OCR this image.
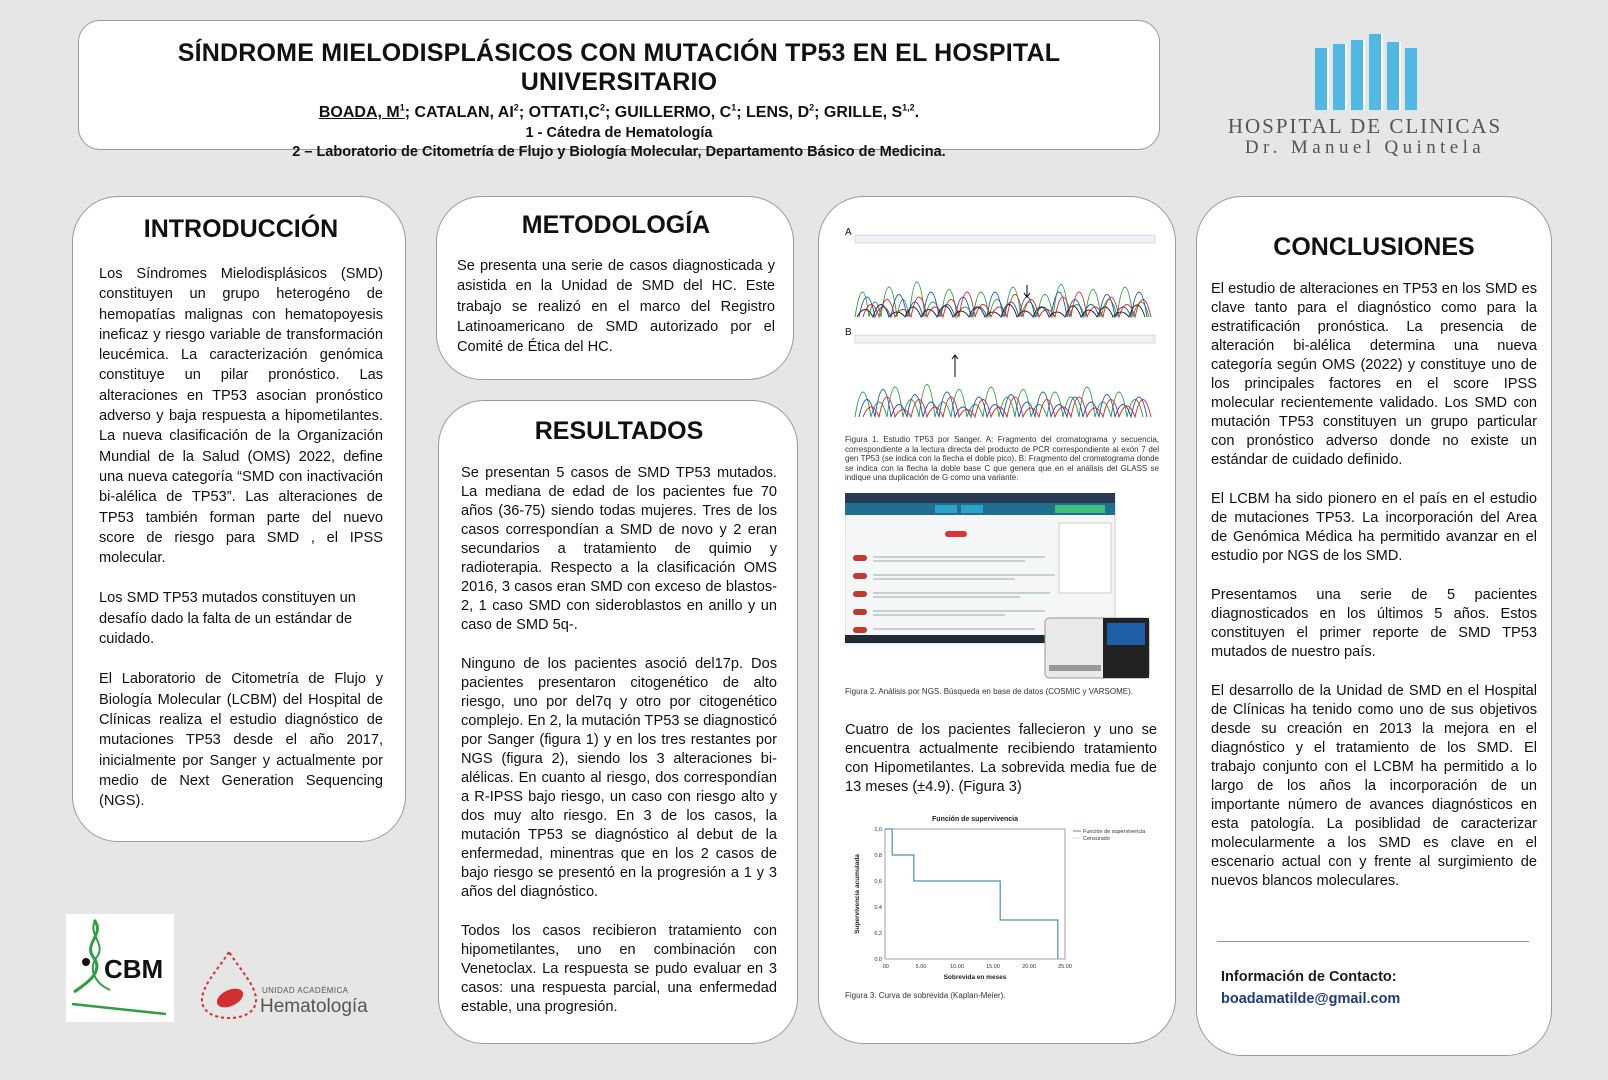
SÍNDROME MIELODISPLÁSICOS CON MUTACIÓN TP53 EN EL HOSPITAL UNIVERSITARIO
BOADA, $M^1$; CATALAN, $AI^2$; $OTTATI,C^2$; GUILLERMO, $C^1$; LENS, $D^2$; GRILLE, S$^{1,2}$.
1 - Cátedra de Hematología
2 – Laboratorio de Citometría de Flujo y Biología Molecular, Departamento Básico de Medicina.
HOSPITAL DE CLINICAS
Dr. Manuel Quintela
INTRODUCCIÓN

Los Síndromes Mielodisplásicos (SMD) constituyen un grupo heterogéno de hemopatías malignas con hematopoyesis ineficaz y riesgo variable de transformación leucémica. La caracterización genómica constituye un pilar pronóstico. Las alteraciones en TP53 asocian pronóstico adverso y baja respuesta a hipometilantes. La nueva clasificación de la Organización Mundial de la Salud (OMS) 2022, define una nueva categoría “SMD con inactivación bi-alélica de TP53”. Las alteraciones de TP53 también forman parte del nuevo score de riesgo para SMD , el IPSS molecular.

Los SMD TP53 mutados constituyen un desafío dado la falta de un estándar de cuidado.

El Laboratorio de Citometría de Flujo y Biología Molecular (LCBM) del Hospital de Clínicas realiza el estudio diagnóstico de mutaciones TP53 desde el año 2017, inicialmente por Sanger y actualmente por medio de Next Generation Sequencing (NGS).

METODOLOGÍA

Se presenta una serie de casos diagnosticada y asistida en la Unidad de SMD del HC. Este trabajo se realizó en el marco del Registro Latinoamericano de SMD autorizado por el Comité de Ética del HC.

RESULTADOS

Se presentan 5 casos de SMD TP53 mutados. La mediana de edad de los pacientes fue 70 años (36-75) siendo todas mujeres. Tres de los casos correspondían a SMD de novo y 2 eran secundarios a tratamiento de quimio y radioterapia. Respecto a la clasificación OMS 2016, 3 casos eran SMD con exceso de blastos-2, 1 caso SMD con sideroblastos en anillo y un caso de SMD 5q-.

Ninguno de los pacientes asoció del17p. Dos pacientes presentaron citogenético de alto riesgo, uno por del7q y otro por citogenético complejo. En 2, la mutación TP53 se diagnosticó por Sanger (figura 1) y en los tres restantes por NGS (figura 2), siendo los 3 alteraciones bi-alélicas. En cuanto al riesgo, dos correspondían a R-IPSS bajo riesgo, un caso con riesgo alto y dos muy alto riesgo. En 3 de los casos, la mutación TP53 se diagnóstico al debut de la enfermedad, minentras que en los 2 casos de bajo riesgo se presentó en la progresión a 1 y 3 años del diagnóstico.

Todos los casos recibieron tratamiento con hipometilantes, uno en combinación con Venetoclax. La respuesta se pudo evaluar en 3 casos: una respuesta parcial, una enfermedad estable, una progresión.

A
B
Figura 1. Estudio TP53 por Sanger. A: Fragmento del cromatograma y secuencia, correspondiente a la lectura directa del producto de PCR correspondiente al exón 7 del gen TP53 (se indica con la flecha el doble pico). B: Fragmento del cromatograma donde se indica con la flecha la doble base C que genera que en el análisis del GLASS se indique una duplicación de G como una variante.
Figura 2. Análisis por NGS. Búsqueda en base de datos (COSMIC y VARSOME).

Cuatro de los pacientes fallecieron y uno se encuentra actualmente recibiendo tratamiento con Hipometilantes. La sobrevida media fue de 13 meses (±4.9). (Figura 3)

Función de supervivencia
Sobrevida en meses
Supervivencia acumulada
.00	5.00	10.00	15.00	20.00	25.00
0,0
0,2
0,4
0,6
0,8
1,0	Función de supervivencia
Censurado
Figura 3. Curva de sobrevida (Kaplan-Meier).
CONCLUSIONES

El estudio de alteraciones en TP53 en los SMD es clave tanto para el diagnóstico como para la estratificación pronóstica. La presencia de alteración bi-alélica determina una nueva categoría según OMS (2022) y constituye uno de los principales factores en el score IPSS molecular recientemente validado. Los SMD con mutación TP53 constituyen un grupo particular con pronóstico adverso donde no existe un estándar de cuidado definido.

El LCBM ha sido pionero en el país en el estudio de mutaciones TP53. La incorporación del Area de Genómica Médica ha permitido avanzar en el estudio por NGS de los SMD.

Presentamos una serie de 5 pacientes diagnosticados en los últimos 5 años. Estos constituyen el primer reporte de SMD TP53 mutados de nuestro país.

El desarrollo de la Unidad de SMD en el Hospital de Clínicas ha tenido como uno de sus objetivos desde su creación en 2013 la mejora en el diagnóstico y el tratamiento de los SMD. El trabajo conjunto con el LCBM ha permitido a lo largo de los años la incorporación de un importante número de avances diagnósticos en esta patología. La posiblidad de caracterizar molecularmente a los SMD es clave en el escenario actual con y frente al surgimiento de nuevos blancos moleculares.

Información de Contacto:
boadamatilde@gmail.com
CBM
UNIDAD ACADÉMICA
Hematología
